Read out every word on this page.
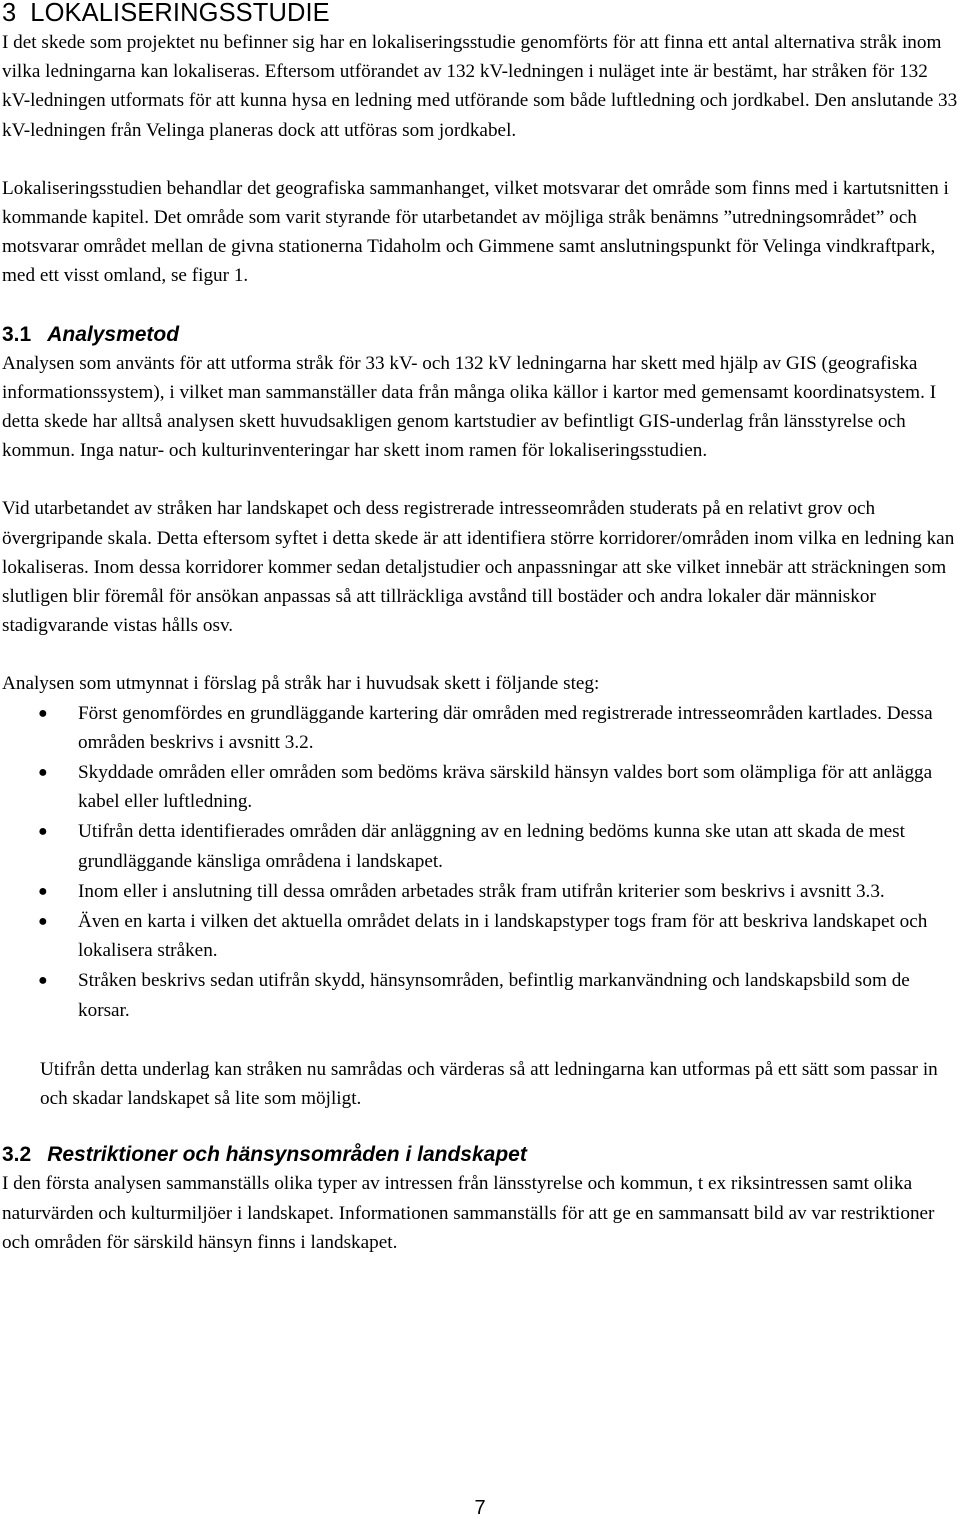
3 LOKALISERINGSSTUDIE

I det skede som projektet nu befinner sig har en lokaliseringsstudie genomförts för att finna ett antal alternativa stråk inom vilka ledningarna kan lokaliseras. Eftersom utförandet av 132 kV-ledningen i nuläget inte är bestämt, har stråken för 132 kV-ledningen utformats för att kunna hysa en ledning med utförande som både luftledning och jordkabel. Den anslutande 33 kV-ledningen från Velinga planeras dock att utföras som jordkabel.

Lokaliseringsstudien behandlar det geografiska sammanhanget, vilket motsvarar det område som finns med i kartutsnitten i kommande kapitel. Det område som varit styrande för utarbetandet av möjliga stråk benämns ”utredningsområdet” och motsvarar området mellan de givna stationerna Tidaholm och Gimmene samt anslutningspunkt för Velinga vindkraftpark, med ett visst omland, se figur 1.

3.1 Analysmetod

Analysen som använts för att utforma stråk för 33 kV- och 132 kV ledningarna har skett med hjälp av GIS (geografiska informationssystem), i vilket man sammanställer data från många olika källor i kartor med gemensamt koordinatsystem. I detta skede har alltså analysen skett huvudsakligen genom kartstudier av befintligt GIS-underlag från länsstyrelse och kommun. Inga natur- och kulturinventeringar har skett inom ramen för lokaliseringsstudien.

Vid utarbetandet av stråken har landskapet och dess registrerade intresseområden studerats på en relativt grov och övergripande skala. Detta eftersom syftet i detta skede är att identifiera större korridorer/områden inom vilka en ledning kan lokaliseras. Inom dessa korridorer kommer sedan detaljstudier och anpassningar att ske vilket innebär att sträckningen som slutligen blir föremål för ansökan anpassas så att tillräckliga avstånd till bostäder och andra lokaler där människor stadigvarande vistas hålls osv.

Analysen som utmynnat i förslag på stråk har i huvudsak skett i följande steg:

● Först genomfördes en grundläggande kartering där områden med registrerade intresseområden kartlades. Dessa områden beskrivs i avsnitt 3.2.
● Skyddade områden eller områden som bedöms kräva särskild hänsyn valdes bort som olämpliga för att anlägga kabel eller luftledning.
● Utifrån detta identifierades områden där anläggning av en ledning bedöms kunna ske utan att skada de mest grundläggande känsliga områdena i landskapet.
● Inom eller i anslutning till dessa områden arbetades stråk fram utifrån kriterier som beskrivs i avsnitt 3.3.
● Även en karta i vilken det aktuella området delats in i landskapstyper togs fram för att beskriva landskapet och lokalisera stråken.
● Stråken beskrivs sedan utifrån skydd, hänsynsområden, befintlig markanvändning och landskapsbild som de korsar.

Utifrån detta underlag kan stråken nu samrådas och värderas så att ledningarna kan utformas på ett sätt som passar in och skadar landskapet så lite som möjligt.

3.2 Restriktioner och hänsynsområden i landskapet

I den första analysen sammanställs olika typer av intressen från länsstyrelse och kommun, t ex riksintressen samt olika naturvärden och kulturmiljöer i landskapet. Informationen sammanställs för att ge en sammansatt bild av var restriktioner och områden för särskild hänsyn finns i landskapet.

7
